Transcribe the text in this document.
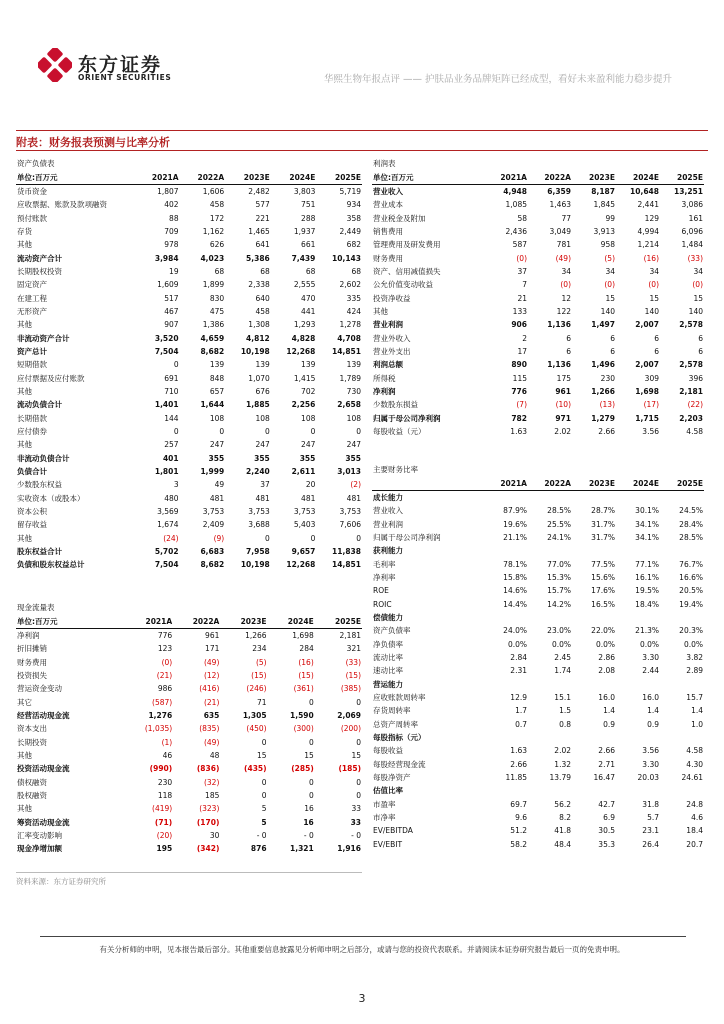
东方证券
ORIENT SECURITIES	华熙生物年报点评 —— 护肤品业务品牌矩阵已经成型，看好未来盈利能力稳步提升
附表：财务报表预测与比率分析
资产负债表					
单位:百万元	2021A	2022A	2023E	2024E	2025E
货币资金	1,807	1,606	2,482	3,803	5,719
应收票据、账款及款项融资	402	458	577	751	934
预付账款	88	172	221	288	358
存货	709	1,162	1,465	1,937	2,449
其他	978	626	641	661	682
流动资产合计	3,984	4,023	5,386	7,439	10,143
长期股权投资	19	68	68	68	68
固定资产	1,609	1,899	2,338	2,555	2,602
在建工程	517	830	640	470	335
无形资产	467	475	458	441	424
其他	907	1,386	1,308	1,293	1,278
非流动资产合计	3,520	4,659	4,812	4,828	4,708
资产总计	7,504	8,682	10,198	12,268	14,851
短期借款	0	139	139	139	139
应付票据及应付账款	691	848	1,070	1,415	1,789
其他	710	657	676	702	730
流动负债合计	1,401	1,644	1,885	2,256	2,658
长期借款	144	108	108	108	108
应付债券	0	0	0	0	0
其他	257	247	247	247	247
非流动负债合计	401	355	355	355	355
负债合计	1,801	1,999	2,240	2,611	3,013
少数股东权益	3	49	37	20	(2)
实收资本（或股本）	480	481	481	481	481
资本公积	3,569	3,753	3,753	3,753	3,753
留存收益	1,674	2,409	3,688	5,403	7,606
其他	(24)	(9)	0	0	0
股东权益合计	5,702	6,683	7,958	9,657	11,838
负债和股东权益总计	7,504	8,682	10,198	12,268	14,851
现金流量表					
单位:百万元	2021A	2022A	2023E	2024E	2025E
净利润	776	961	1,266	1,698	2,181
折旧摊销	123	171	234	284	321
财务费用	(0)	(49)	(5)	(16)	(33)
投资损失	(21)	(12)	(15)	(15)	(15)
营运资金变动	986	(416)	(246)	(361)	(385)
其它	(587)	(21)	71	0	0
经营活动现金流	1,276	635	1,305	1,590	2,069
资本支出	(1,035)	(835)	(450)	(300)	(200)
长期投资	(1)	(49)	0	0	0
其他	46	48	15	15	15
投资活动现金流	(990)	(836)	(435)	(285)	(185)
债权融资	230	(32)	0	0	0
股权融资	118	185	0	0	0
其他	(419)	(323)	5	16	33
筹资活动现金流	(71)	(170)	5	16	33
汇率变动影响	(20)	30	- 0	- 0	- 0
现金净增加额	195	(342)	876	1,321	1,916
利润表					
单位:百万元	2021A	2022A	2023E	2024E	2025E
营业收入	4,948	6,359	8,187	10,648	13,251
营业成本	1,085	1,463	1,845	2,441	3,086
营业税金及附加	58	77	99	129	161
销售费用	2,436	3,049	3,913	4,994	6,096
管理费用及研发费用	587	781	958	1,214	1,484
财务费用	(0)	(49)	(5)	(16)	(33)
资产、信用减值损失	37	34	34	34	34
公允价值变动收益	7	(0)	(0)	(0)	(0)
投资净收益	21	12	15	15	15
其他	133	122	140	140	140
营业利润	906	1,136	1,497	2,007	2,578
营业外收入	2	6	6	6	6
营业外支出	17	6	6	6	6
利润总额	890	1,136	1,496	2,007	2,578
所得税	115	175	230	309	396
净利润	776	961	1,266	1,698	2,181
少数股东损益	(7)	(10)	(13)	(17)	(22)
归属于母公司净利润	782	971	1,279	1,715	2,203
每股收益（元）	1.63	2.02	2.66	3.56	4.58
主要财务比率					
	2021A	2022A	2023E	2024E	2025E
成长能力					
营业收入	87.9%	28.5%	28.7%	30.1%	24.5%
营业利润	19.6%	25.5%	31.7%	34.1%	28.4%
归属于母公司净利润	21.1%	24.1%	31.7%	34.1%	28.5%
获利能力					
毛利率	78.1%	77.0%	77.5%	77.1%	76.7%
净利率	15.8%	15.3%	15.6%	16.1%	16.6%
ROE	14.6%	15.7%	17.6%	19.5%	20.5%
ROIC	14.4%	14.2%	16.5%	18.4%	19.4%
偿债能力					
资产负债率	24.0%	23.0%	22.0%	21.3%	20.3%
净负债率	0.0%	0.0%	0.0%	0.0%	0.0%
流动比率	2.84	2.45	2.86	3.30	3.82
速动比率	2.31	1.74	2.08	2.44	2.89
营运能力					
应收账款周转率	12.9	15.1	16.0	16.0	15.7
存货周转率	1.7	1.5	1.4	1.4	1.4
总资产周转率	0.7	0.8	0.9	0.9	1.0
每股指标（元）					
每股收益	1.63	2.02	2.66	3.56	4.58
每股经营现金流	2.66	1.32	2.71	3.30	4.30
每股净资产	11.85	13.79	16.47	20.03	24.61
估值比率					
市盈率	69.7	56.2	42.7	31.8	24.8
市净率	9.6	8.2	6.9	5.7	4.6
EV/EBITDA	51.2	41.8	30.5	23.1	18.4
EV/EBIT	58.2	48.4	35.3	26.4	20.7
资料来源：东方证券研究所
有关分析师的申明，见本报告最后部分。其他重要信息披露见分析师申明之后部分，或请与您的投资代表联系。并请阅读本证券研究报告最后一页的免责申明。
3
